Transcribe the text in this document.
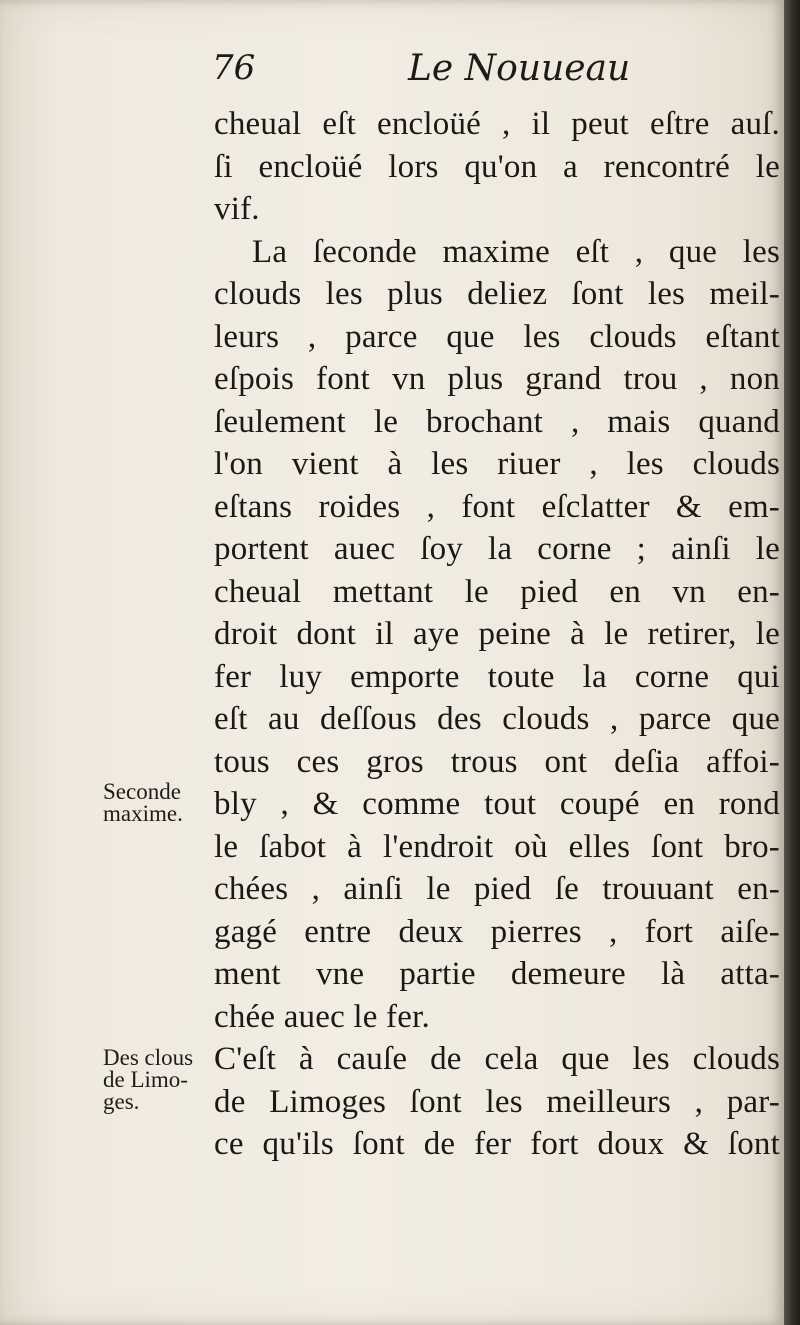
76	Le Nouueau
cheual eſt encloüé , il peut eſtre auſ.
ſi encloüé lors qu'on a rencontré le
vif.
La ſeconde maxime eſt , que les
clouds les plus deliez ſont les meil-
leurs , parce que les clouds eſtant
eſpois font vn plus grand trou , non
ſeulement le brochant , mais quand
l'on vient à les riuer , les clouds
eſtans roides , font eſclatter & em-
portent auec ſoy la corne ; ainſi le
cheual mettant le pied en vn en-
droit dont il aye peine à le retirer, le
fer luy emporte toute la corne qui
eſt au deſſous des clouds , parce que
tous ces gros trous ont deſia affoi-
bly , & comme tout coupé en rond
le ſabot à l'endroit où elles ſont bro-
chées , ainſi le pied ſe trouuant en-
gagé entre deux pierres , fort aiſe-
ment vne partie demeure là atta-
chée auec le fer.
C'eſt à cauſe de cela que les clouds
de Limoges ſont les meilleurs , par-
ce qu'ils ſont de fer fort doux & ſont
Seconde
maxime.
Des clous
de Limo-
ges.
